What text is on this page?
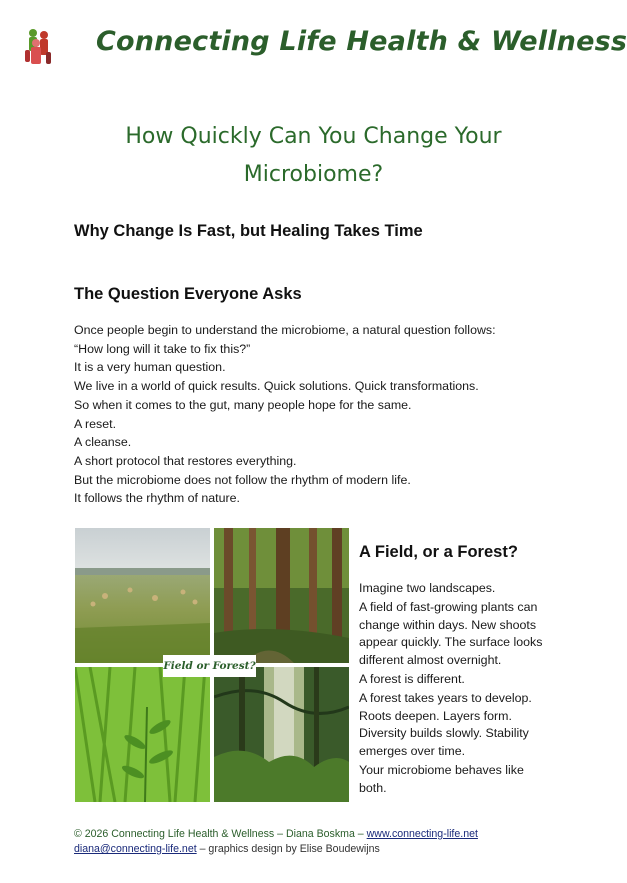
Connecting Life Health & Wellness
How Quickly Can You Change Your
Microbiome?
Why Change Is Fast, but Healing Takes Time
The Question Everyone Asks
Once people begin to understand the microbiome, a natural question follows:
“How long will it take to fix this?”
It is a very human question.
We live in a world of quick results. Quick solutions. Quick transformations.
So when it comes to the gut, many people hope for the same.
A reset.
A cleanse.
A short protocol that restores everything.
But the microbiome does not follow the rhythm of modern life.
It follows the rhythm of nature.
Field or Forest?
A Field, or a Forest?

Imagine two landscapes.

A field of fast-growing plants can change within days. New shoots appear quickly. The surface looks different almost overnight.

A forest is different.

A forest takes years to develop. Roots deepen. Layers form. Diversity builds slowly. Stability emerges over time.

Your microbiome behaves like both.

© 2026 Connecting Life Health & Wellness – Diana Boskma – www.connecting-life.net
diana@connecting-life.net – graphics design by Elise Boudewijns
